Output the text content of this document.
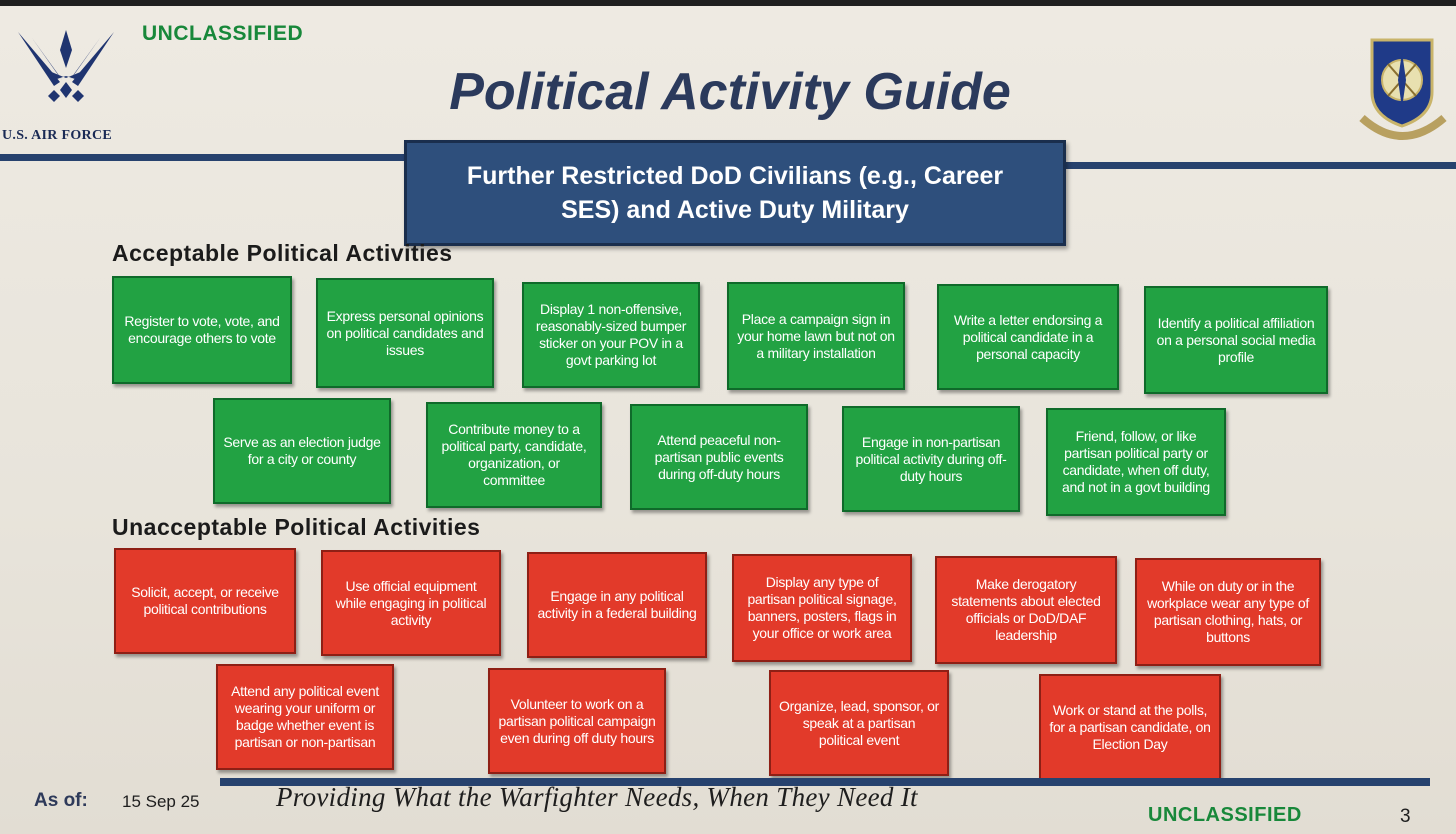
UNCLASSIFIED
U.S. AIR FORCE
Political Activity Guide
Further Restricted DoD Civilians (e.g., Career SES) and Active Duty Military
Acceptable Political Activities
Register to vote, vote, and encourage others to vote
Express personal opinions on political candidates and issues
Display 1 non-offensive, reasonably-sized bumper sticker on your POV in a govt parking lot
Place a campaign sign in your home lawn but not on a military installation
Write a letter endorsing a political candidate in a personal capacity
Identify a political affiliation on a personal social media profile
Serve as an election judge for a city or county
Contribute money to a political party, candidate, organization, or committee
Attend peaceful non-partisan public events during off-duty hours
Engage in non-partisan political activity during off-duty hours
Friend, follow, or like partisan political party or candidate, when off duty, and not in a govt building
Unacceptable Political Activities
Solicit, accept, or receive political contributions
Use official equipment while engaging in political activity
Engage in any political activity in a federal building
Display any type of partisan political signage, banners, posters, flags in your office or work area
Make derogatory statements about elected officials or DoD/DAF leadership
While on duty or in the workplace wear any type of partisan clothing, hats, or buttons
Attend any political event wearing your uniform or badge whether event is partisan or non-partisan
Volunteer to work on a partisan political campaign even during off duty hours
Organize, lead, sponsor, or speak at a partisan political event
Work or stand at the polls, for a partisan candidate, on Election Day
As of: 15 Sep 25	Providing What the Warfighter Needs, When They Need It
UNCLASSIFIED	3
